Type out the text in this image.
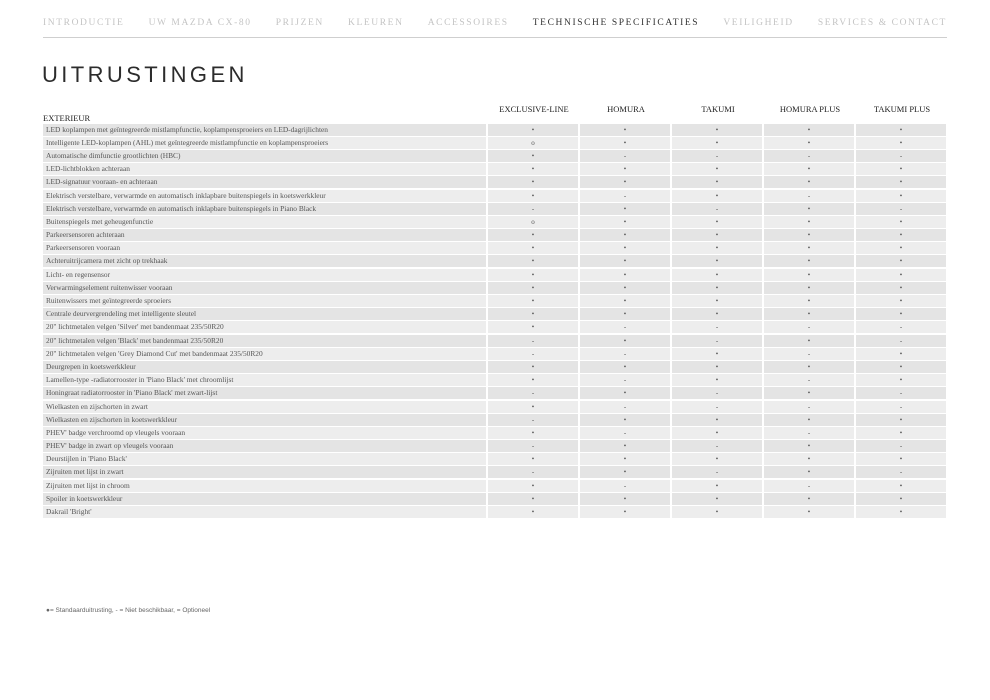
INTRODUCTIE	UW MAZDA CX-80	PRIJZEN	KLEUREN	ACCESSOIRES	TECHNISCHE SPECIFICATIES	VEILIGHEID	SERVICES & CONTACT
UITRUSTINGEN
EXCLUSIVE-LINE	HOMURA	TAKUMI	HOMURA PLUS	TAKUMI PLUS
EXTERIEUR
LED koplampen met geïntegreerde mistlampfunctie, koplampensproeiers en LED-dagrijlichten	•	•	•	•	•
Intelligente LED-koplampen (AHL) met geïntegreerde mistlampfunctie en koplampensproeiers	o	•	•	•	•
Automatische dimfunctie grootlichten (HBC)	•	-	-	-	-
LED-lichtblokken achteraan	•	•	•	•	•
LED-signatuur vooraan- en achteraan	•	•	•	•	•
Elektrisch verstelbare, verwarmde en automatisch inklapbare buitenspiegels in koetswerkkleur	•	-	•	-	•
Elektrisch verstelbare, verwarmde en automatisch inklapbare buitenspiegels in Piano Black	-	•	-	•	-
Buitenspiegels met geheugenfunctie	o	•	•	•	•
Parkeersensoren achteraan	•	•	•	•	•
Parkeersensoren vooraan	•	•	•	•	•
Achteruitrijcamera met zicht op trekhaak	•	•	•	•	•
Licht- en regensensor	•	•	•	•	•
Verwarmingselement ruitenwisser vooraan	•	•	•	•	•
Ruitenwissers met geïntegreerde sproeiers	•	•	•	•	•
Centrale deurvergrendeling met intelligente sleutel	•	•	•	•	•
20" lichtmetalen velgen 'Silver' met bandenmaat 235/50R20	•	-	-	-	-
20" lichtmetalen velgen 'Black' met bandenmaat 235/50R20	-	•	-	•	-
20" lichtmetalen velgen 'Grey Diamond Cut' met bandenmaat 235/50R20	-	-	•	-	•
Deurgrepen in koetswerkkleur	•	•	•	•	•
Lamellen-type -radiatorrooster in 'Piano Black' met chroomlijst	•	-	•	-	•
Honingraat radiatorrooster in 'Piano Black' met zwart-lijst	-	•	-	•	-
Wielkasten en zijschorten in zwart	•	-	-	-	-
Wielkasten en zijschorten in koetswerkkleur	-	•	•	•	•
PHEV' badge verchroomd op vleugels vooraan	•	-	•	-	•
PHEV' badge in zwart op vleugels vooraan	-	•	-	•	-
Deurstijlen in 'Piano Black'	•	•	•	•	•
Zijruiten met lijst in zwart	-	•	-	•	-
Zijruiten met lijst in chroom	•	-	•	-	•
Spoiler in koetswerkkleur	•	•	•	•	•
Dakrail 'Bright'	•	•	•	•	•
●= Standaarduitrusting, - = Niet beschikbaar, = Optioneel
